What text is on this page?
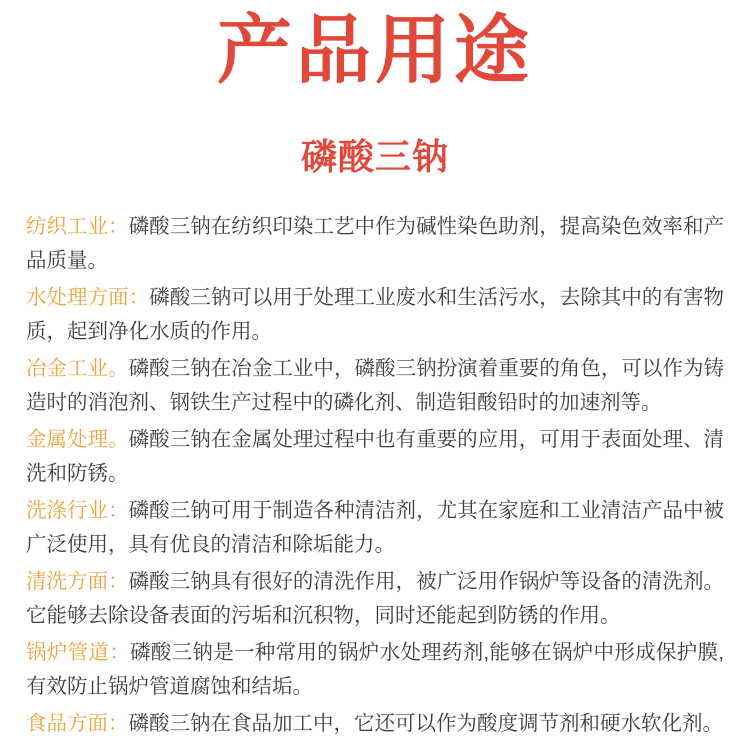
产品用途
磷酸三钠

纺织工业：磷酸三钠在纺织印染工艺中作为碱性染色助剂，提高染色效率和产品质量。

水处理方面：磷酸三钠可以用于处理工业废水和生活污水，去除其中的有害物质，起到净化水质的作用。

冶金工业。磷酸三钠在冶金工业中，磷酸三钠扮演着重要的角色，可以作为铸造时的消泡剂、钢铁生产过程中的磷化剂、制造钼酸铅时的加速剂等。

金属处理。磷酸三钠在金属处理过程中也有重要的应用，可用于表面处理、清洗和防锈。

洗涤行业：磷酸三钠可用于制造各种清洁剂，尤其在家庭和工业清洁产品中被广泛使用，具有优良的清洁和除垢能力。

清洗方面：磷酸三钠具有很好的清洗作用，被广泛用作锅炉等设备的清洗剂。它能够去除设备表面的污垢和沉积物，同时还能起到防锈的作用。

锅炉管道：磷酸三钠是一种常用的锅炉水处理药剂,能够在锅炉中形成保护膜,有效防止锅炉管道腐蚀和结垢。

食品方面：磷酸三钠在食品加工中，它还可以作为酸度调节剂和硬水软化剂。
